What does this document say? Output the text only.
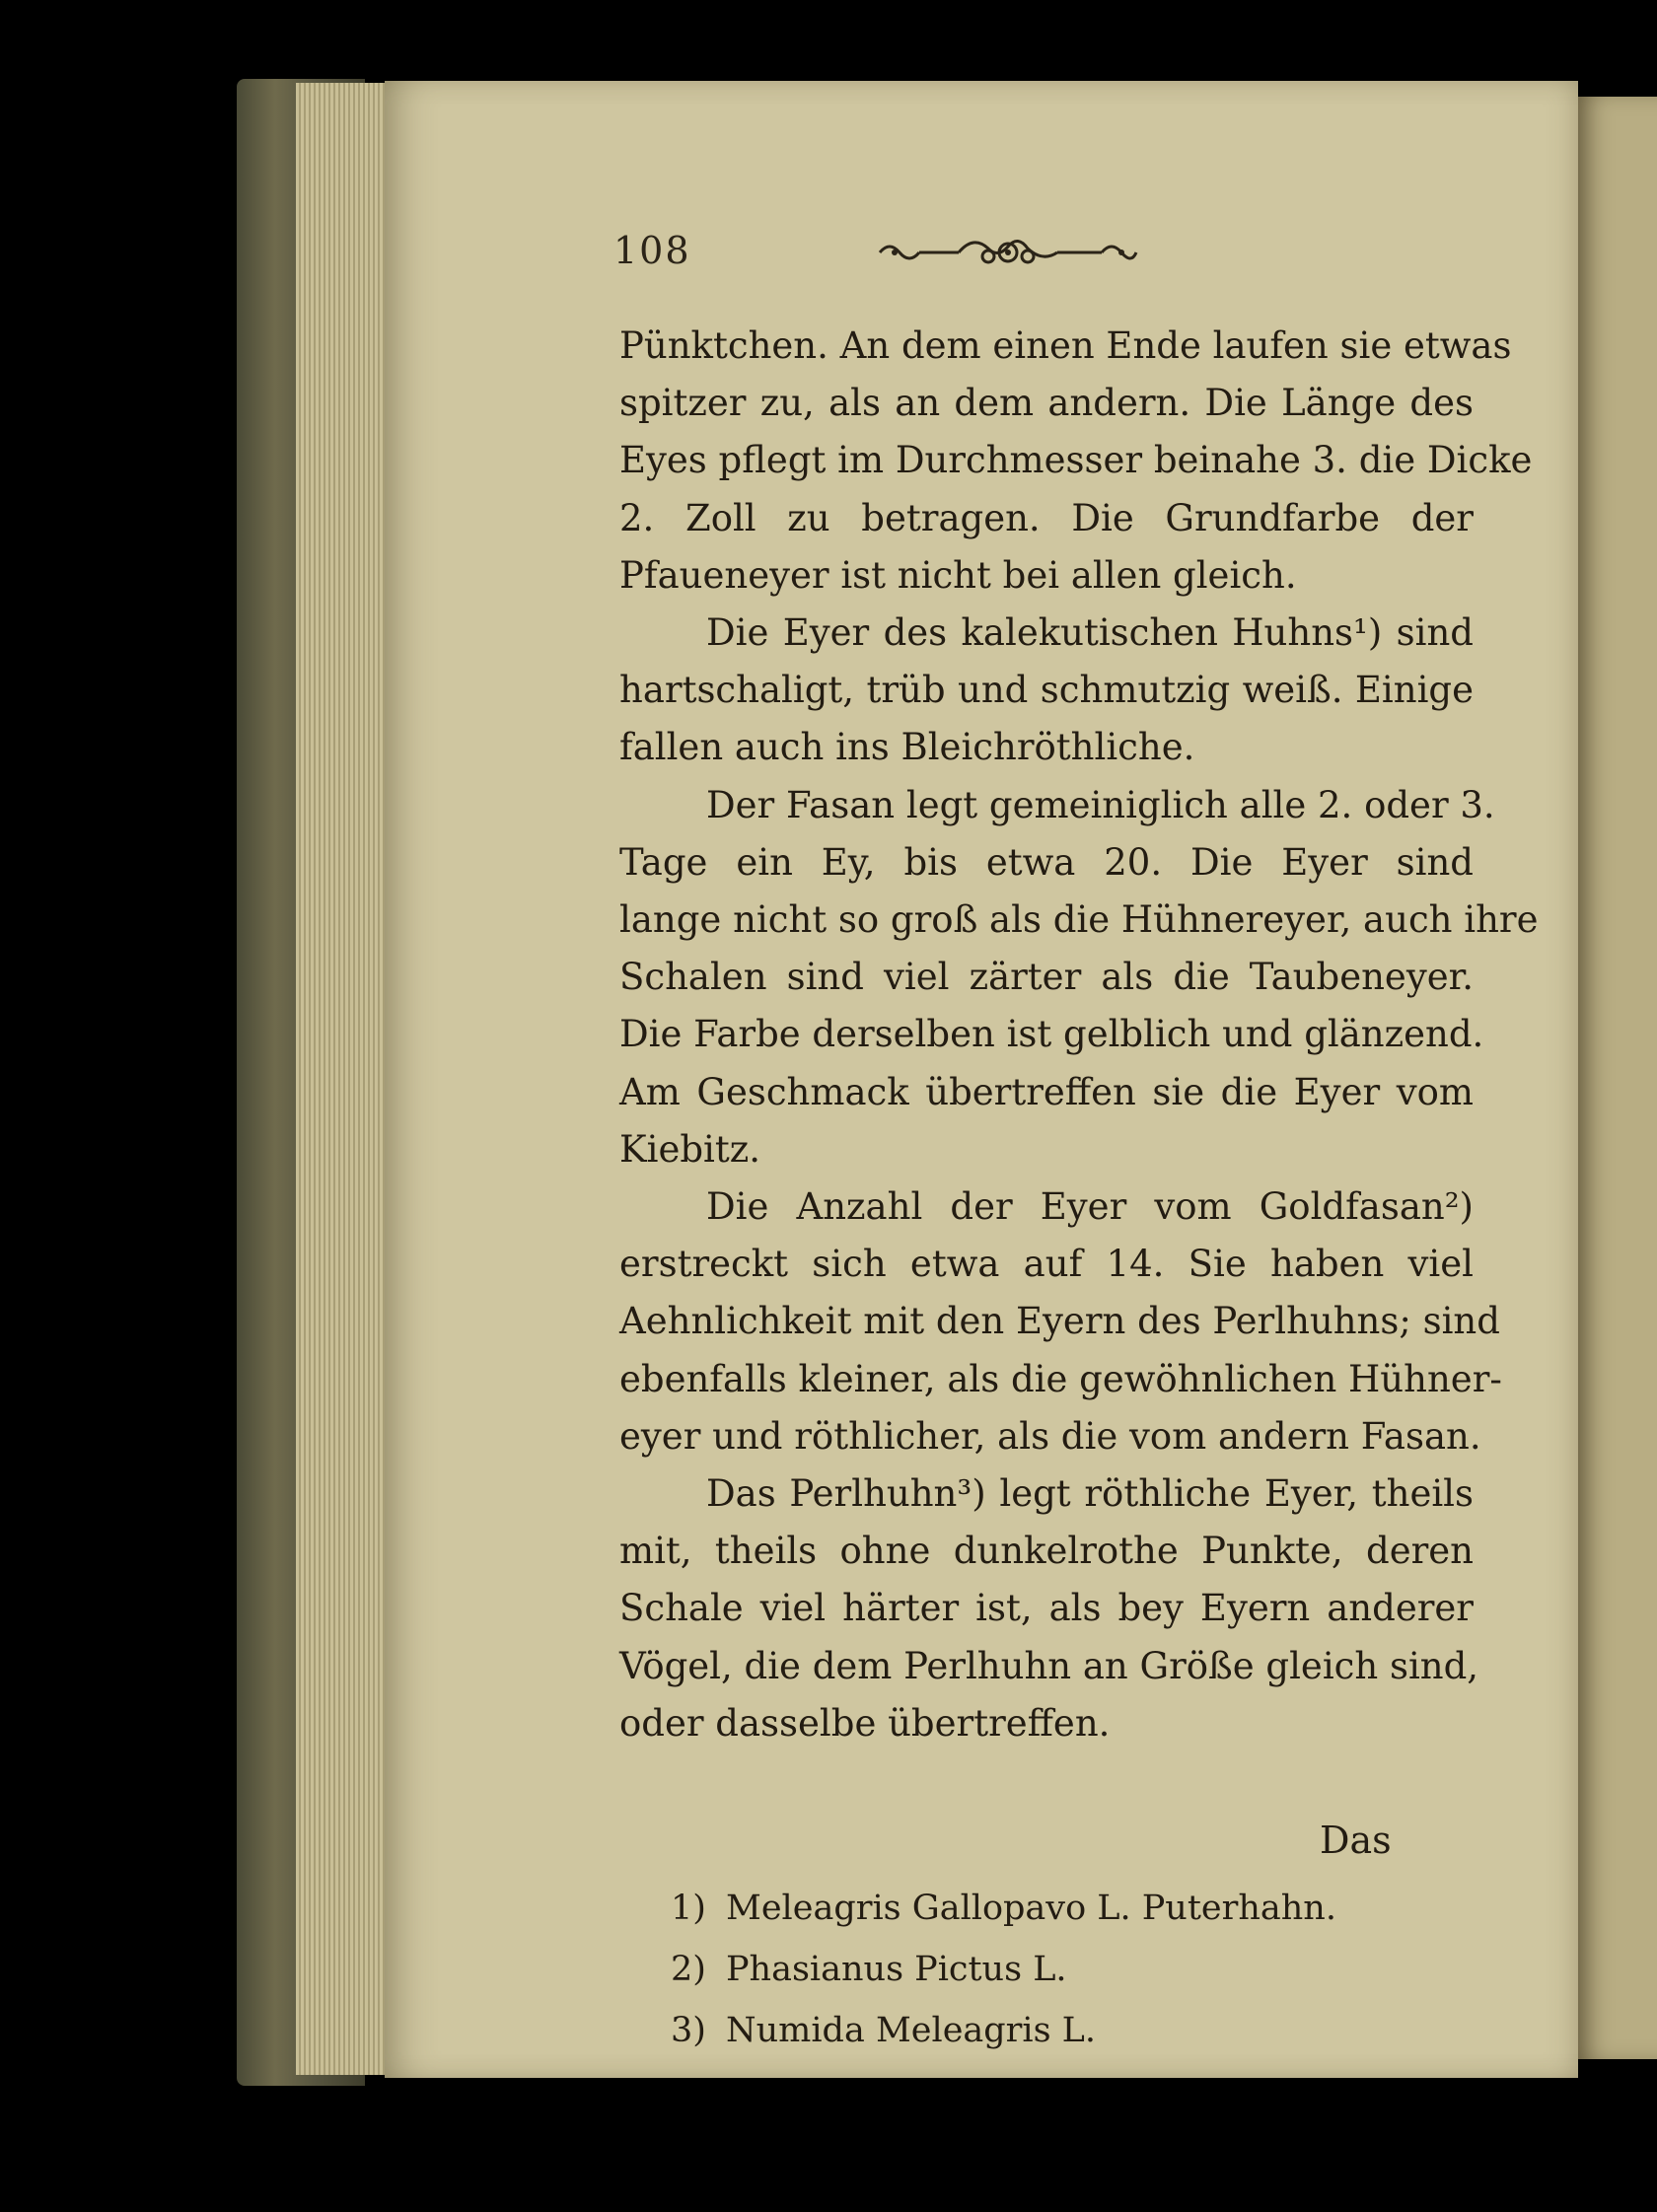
108
Pünktchen. An dem einen Ende laufen sie etwas
spitzer zu, als an dem andern. Die Länge des
Eyes pflegt im Durchmesser beinahe 3. die Dicke
2. Zoll zu betragen. Die Grundfarbe der
Pfaueneyer ist nicht bei allen gleich.
Die Eyer des kalekutischen Huhns¹) sind
hartschaligt, trüb und schmutzig weiß. Einige
fallen auch ins Bleichröthliche.
Der Fasan legt gemeiniglich alle 2. oder 3.
Tage ein Ey, bis etwa 20. Die Eyer sind
lange nicht so groß als die Hühnereyer, auch ihre
Schalen sind viel zärter als die Taubeneyer.
Die Farbe derselben ist gelblich und glänzend.
Am Geschmack übertreffen sie die Eyer vom
Kiebitz.
Die Anzahl der Eyer vom Goldfasan²)
erstreckt sich etwa auf 14. Sie haben viel
Aehnlichkeit mit den Eyern des Perlhuhns; sind
ebenfalls kleiner, als die gewöhnlichen Hühner-
eyer und röthlicher, als die vom andern Fasan.
Das Perlhuhn³) legt röthliche Eyer, theils
mit, theils ohne dunkelrothe Punkte, deren
Schale viel härter ist, als bey Eyern anderer
Vögel, die dem Perlhuhn an Größe gleich sind,
oder dasselbe übertreffen.
Das
1) Meleagris Gallopavo L. Puterhahn.
2) Phasianus Pictus L.
3) Numida Meleagris L.
